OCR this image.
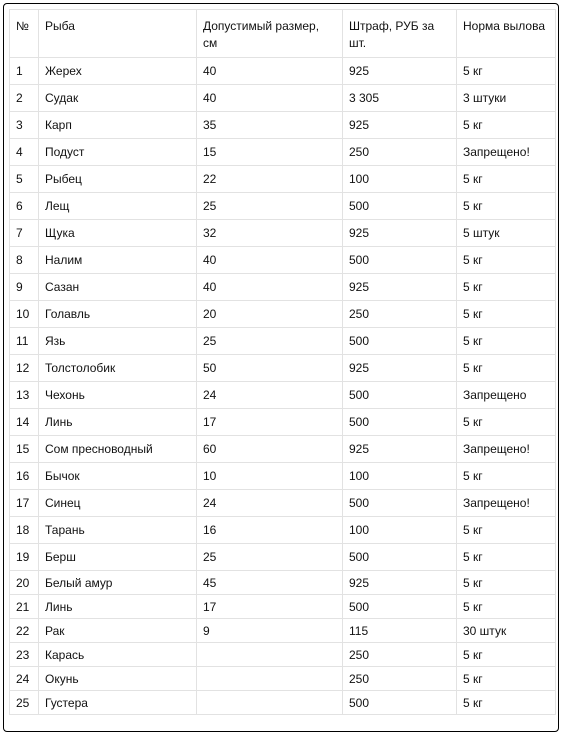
№	Рыба	Допустимый размер, см	Штраф, РУБ за шт.	Норма вылова
1	Жерех	40	925	5 кг
2	Судак	40	3 305	3 штуки
3	Карп	35	925	5 кг
4	Подуст	15	250	Запрещено!
5	Рыбец	22	100	5 кг
6	Лещ	25	500	5 кг
7	Щука	32	925	5 штук
8	Налим	40	500	5 кг
9	Сазан	40	925	5 кг
10	Голавль	20	250	5 кг
11	Язь	25	500	5 кг
12	Толстолобик	50	925	5 кг
13	Чехонь	24	500	Запрещено
14	Линь	17	500	5 кг
15	Сом пресноводный	60	925	Запрещено!
16	Бычок	10	100	5 кг
17	Синец	24	500	Запрещено!
18	Тарань	16	100	5 кг
19	Берш	25	500	5 кг
20	Белый амур	45	925	5 кг
21	Линь	17	500	5 кг
22	Рак	9	115	30 штук
23	Карась		250	5 кг
24	Окунь		250	5 кг
25	Густера		500	5 кг
